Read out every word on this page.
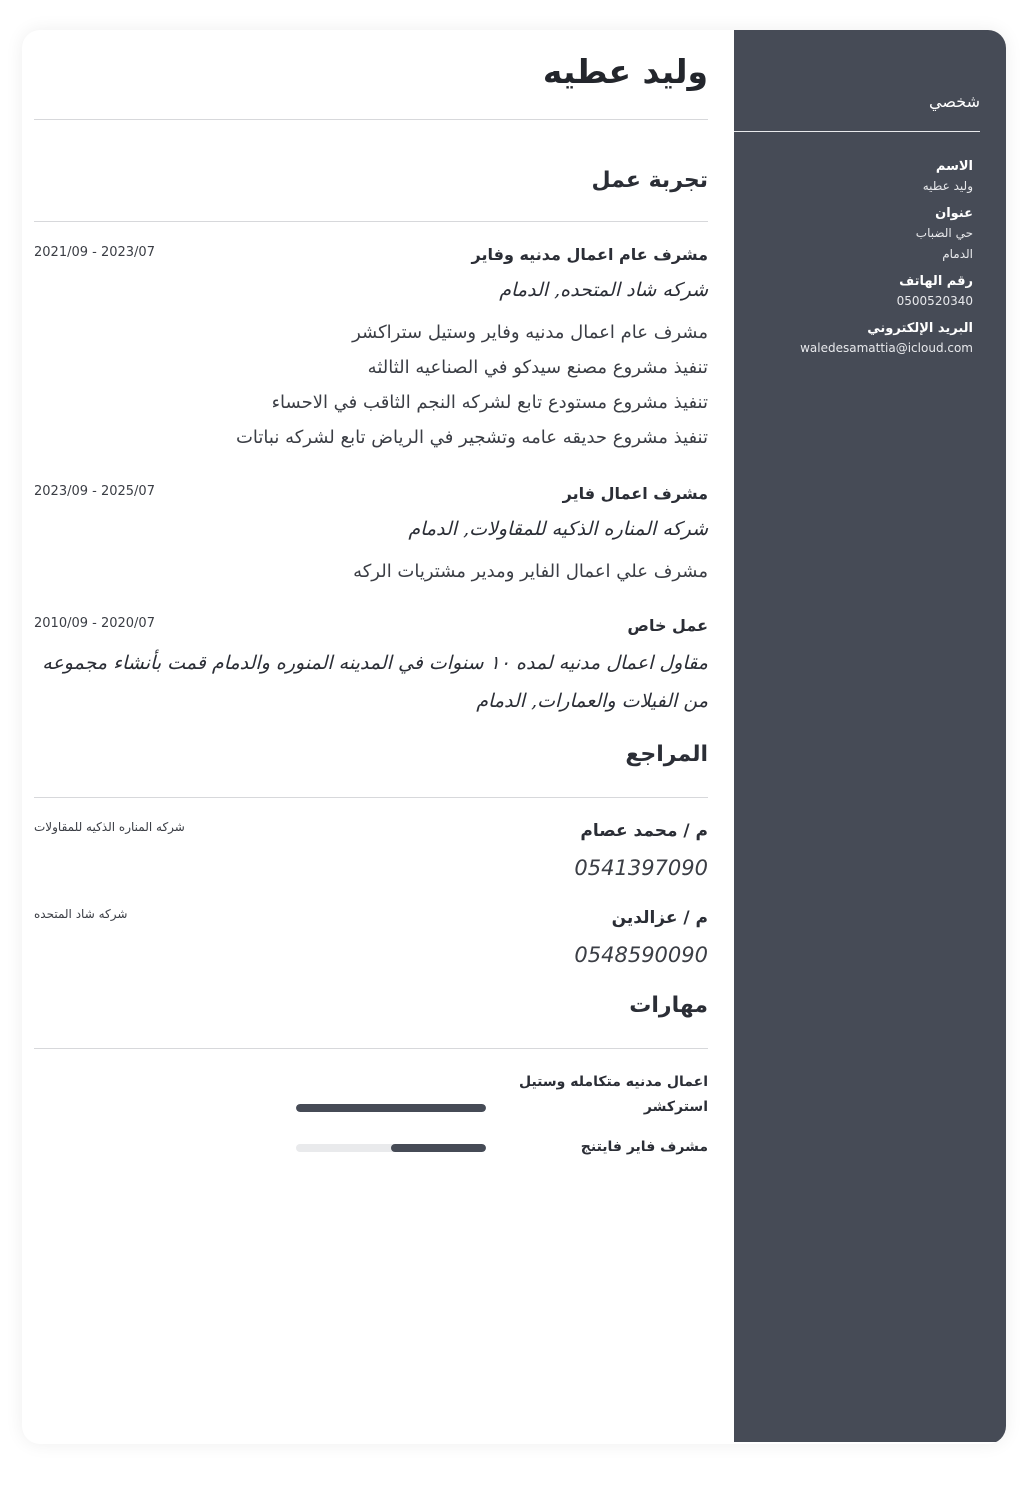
شخصي
الاسم
وليد عطيه
عنوان
حي الضباب
الدمام
رقم الهاتف
0500520340
البريد الإلكتروني
waledesamattia@icloud.com
وليد عطيه
تجربة عمل
مشرف عام اعمال مدنيه وفاير
2021/09 - 2023/07
شركه شاد المتحده, الدمام
مشرف عام اعمال مدنيه وفاير وستيل ستراكشر
تنفيذ مشروع مصنع سيدكو في الصناعيه الثالثه
تنفيذ مشروع مستودع تابع لشركه النجم الثاقب في الاحساء
تنفيذ مشروع حديقه عامه وتشجير في الرياض تابع لشركه نباتات
مشرف اعمال فاير
2023/09 - 2025/07
شركه المناره الذكيه للمقاولات, الدمام
مشرف علي اعمال الفاير ومدير مشتريات الركه
عمل خاص
2010/09 - 2020/07
مقاول اعمال مدنيه لمده ١٠ سنوات في المدينه المنوره والدمام قمت بأنشاء مجموعه من الفيلات والعمارات, الدمام
المراجع
م / محمد عصام
شركه المناره الذكيه للمقاولات
0541397090
م / عزالدين
شركه شاد المتحده
0548590090
مهارات
اعمال مدنيه متكامله وستيل استركشر
مشرف فاير فايتنج
